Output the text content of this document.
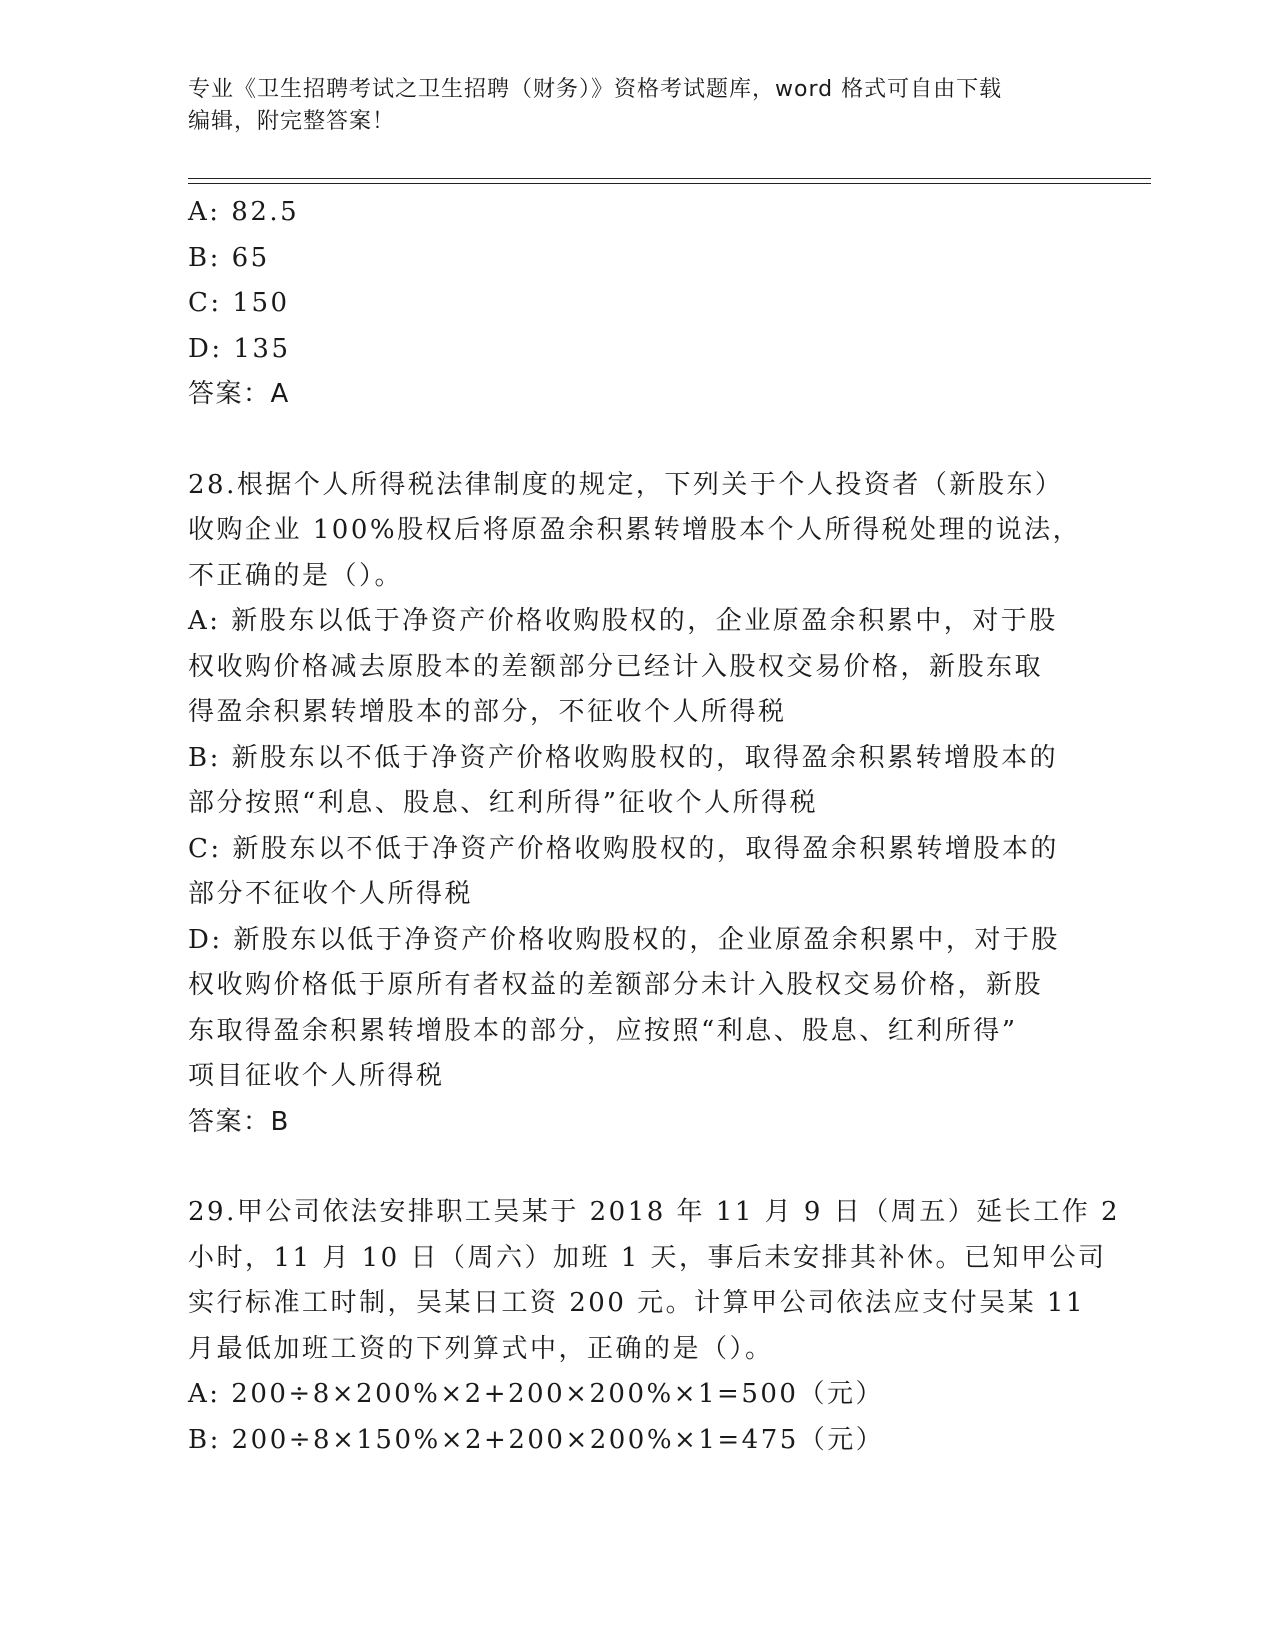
专业《卫生招聘考试之卫生招聘（财务）》资格考试题库，word 格式可自由下载
编辑，附完整答案！
A: 82.5
B: 65
C: 150
D: 135
答案：A
28.根据个人所得税法律制度的规定，下列关于个人投资者（新股东）
收购企业 100%股权后将原盈余积累转增股本个人所得税处理的说法，
不正确的是（）。
A: 新股东以低于净资产价格收购股权的，企业原盈余积累中，对于股
权收购价格减去原股本的差额部分已经计入股权交易价格，新股东取
得盈余积累转增股本的部分，不征收个人所得税
B: 新股东以不低于净资产价格收购股权的，取得盈余积累转增股本的
部分按照“利息、股息、红利所得”征收个人所得税
C: 新股东以不低于净资产价格收购股权的，取得盈余积累转增股本的
部分不征收个人所得税
D: 新股东以低于净资产价格收购股权的，企业原盈余积累中，对于股
权收购价格低于原所有者权益的差额部分未计入股权交易价格，新股
东取得盈余积累转增股本的部分，应按照“利息、股息、红利所得”
项目征收个人所得税
答案：B
29.甲公司依法安排职工吴某于 2018 年 11 月 9 日（周五）延长工作 2
小时，11 月 10 日（周六）加班 1 天，事后未安排其补休。已知甲公司
实行标准工时制，吴某日工资 200 元。计算甲公司依法应支付吴某 11
月最低加班工资的下列算式中，正确的是（）。
A: 200÷8×200%×2+200×200%×1=500（元）
B: 200÷8×150%×2+200×200%×1=475（元）
